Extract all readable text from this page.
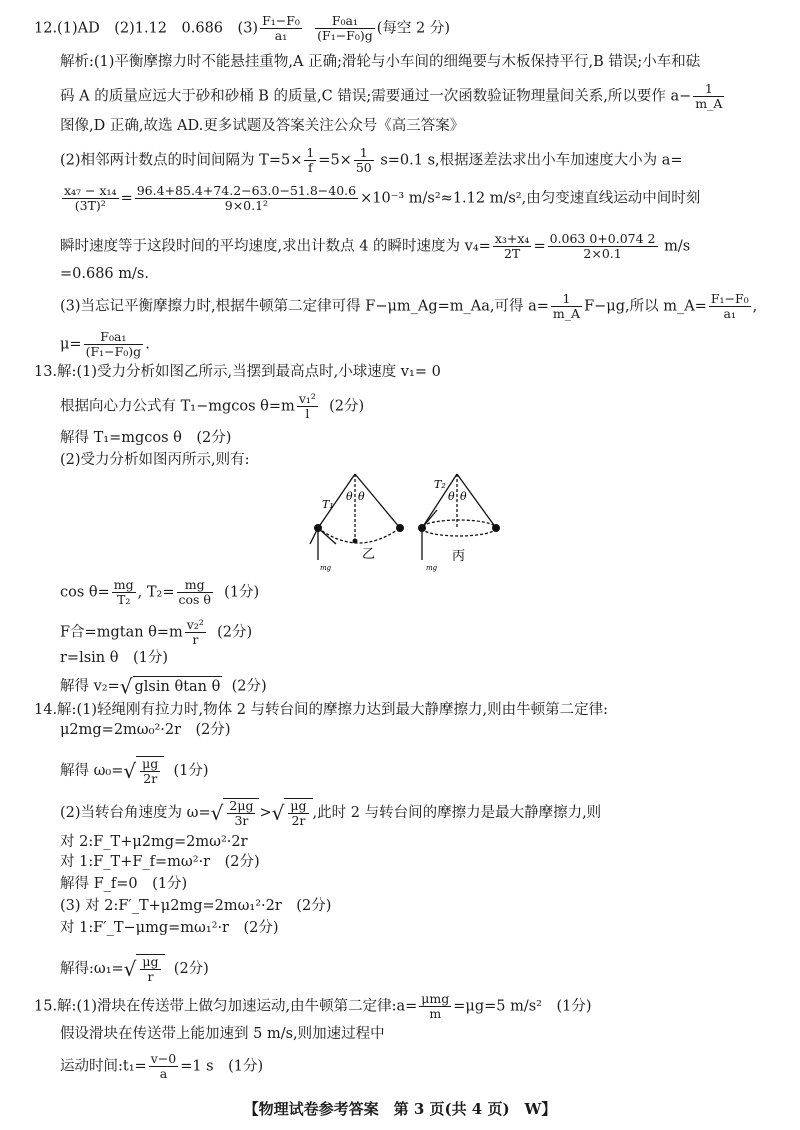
12.(1)AD　(2)1.12　0.686　$(3) \frac{\text{F₁−F₀}}{\text{a₁}}$
$\frac{\text{F₀a₁}}{\text{(F₁−F₀)g}}$ (每空 2 分)
解析:(1)平衡摩擦力时不能悬挂重物,A 正确;滑轮与小车间的细绳要与木板保持平行,B 错误;小车和砝
码 A 的质量应远大于砂和砂桶 B 的质量,C 错误;需要通过一次函数验证物理量间关系,所以要作 $a- \frac{1}{m\_A}$
图像,D 正确,故选 AD.更多试题及答案关注公众号《高三答案》
(2)相邻两计数点的时间间隔为 $T=5\times \frac{1}{f} =5\times \frac{1}{50} s=0.1$ s,根据逐差法求出小车加速度大小为 a=
$\frac{\text{x₄₇ − x₁₄}}{\text{(3T)²}} = \frac{96.4+85.4+74.2-63.0-51.8-40.6}{\text{9×0.1²}} \times 10^{-3}$ m/s²≈1.12 m/s²,由匀变速直线运动中间时刻
瞬时速度等于这段时间的平均速度,求出计数点 4 的瞬时速度为 $v_4= \frac{\text{x₃+x₄}}{2T} = \frac{0.063 0+0.074 2}{2\times 0.1} m/s$
=0.686 m/s.
(3)当忘记平衡摩擦力时,根据牛顿第二定律可得 F−μm_Ag=m_Aa,可得 $a= \frac{1}{m\_A} F-\mu g$,所以 m_A= $\frac{\text{F₁−F₀}}{\text{a₁}}$ ,
$\mu= \frac{\text{F₀a₁}}{\text{(F₁−F₀)g}}$ .
13.解:(1)受力分析如图乙所示,当摆到最高点时,小球速度 v₁= 0
根据向心力公式有 T₁−mgcos $\theta=m \frac{\text{v₁²}}{l} (2$分)
解得 T₁=mgcos θ　(2分)
(2)受力分析如图丙所示,则有:
T₁
θ θ
mg
乙
T₂
θ θ
mg
丙
$\cos \theta= \frac{mg}{\text{T₂}}$ , $T_2= \frac{mg}{\text{cos θ}} (1$分)
F合=mgtan $\theta=m \frac{\text{v₂²}}{r} (2$分)
r=lsin θ　(1分)
解得 v₂=√ glsin θtan θ (2分)
14.解:(1)轻绳刚有拉力时,物体 2 与转台间的摩擦力达到最大静摩擦力,则由牛顿第二定律:
μ2mg=2mω₀²·2r　(2分)
解得 $\omega_0=√ \frac{\mu g}{2r} (1$分)
(2)当转台角速度为 $\omega=√ \frac{2\mu g}{3r}$ >√ $\frac{\mu g}{2r}$ ,此时 2 与转台间的摩擦力是最大静摩擦力,则
对 2:F_T+μ2mg=2mω²·2r
对 1:F_T+F_f=mω²·r　(2分)
解得 F_f=0　(1分)
(3) 对 2:F′_T+μ2mg=2mω₁²·2r　(2分)
对 1:F′_T−μmg=mω₁²·r　(2分)
解得:ω₁=√ $\frac{\mu g}{r} (2$分)
15.解:(1)滑块在传送带上做匀加速运动,由牛顿第二定律:a= μmg
m =μg=5 m/s²　(1分)
假设滑块在传送带上能加速到 5 m/s,则加速过程中
运动时间:t₁= $\frac{v-0}{a} =1$ s　(1分)
【物理试卷参考答案　第 3 页(共 4 页)　W】
